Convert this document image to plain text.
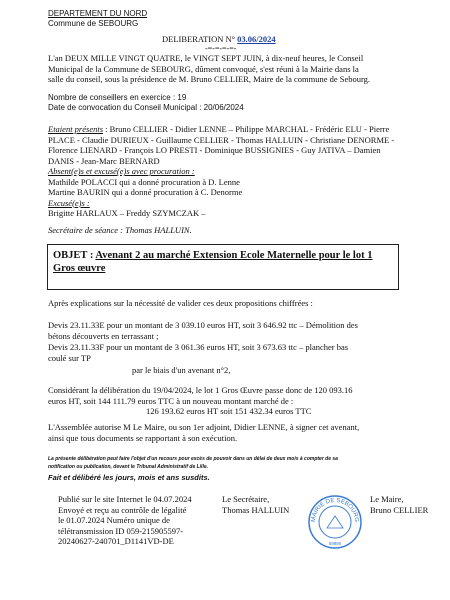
DEPARTEMENT DU NORD
Commune de SEBOURG
DELIBERATION N° 03.06/2024
-=-=-=-=-
L'an DEUX MILLE VINGT QUATRE, le VINGT SEPT JUIN, à dix-neuf heures, le Conseil
Municipal de la Commune de SEBOURG, dûment convoqué, s'est réuni à la Mairie dans la
salle du conseil, sous la présidence de M. Bruno CELLIER, Maire de la commune de Sebourg.
Nombre de conseillers en exercice : 19
Date de convocation du Conseil Municipal : 20/06/2024
Etaient présents : Bruno CELLIER - Didier LENNE – Philippe MARCHAL - Frédéric ELU - Pierre
PLACE - Claudie DURIEUX - Guillaume CELLIER - Thomas HALLUIN - Christiane DENORME -
Florence LIENARD - François LO PRESTI - Dominique BUSSIGNIES - Guy JATIVA – Damien
DANIS - Jean-Marc BERNARD
Absent(e)s et excusé(e)s avec procuration :
Mathilde POLACCI qui a donné procuration à D. Lenne
Martine BAURIN qui a donné procuration à C. Denorme
Excusé(e)s :
Brigitte HARLAUX – Freddy SZYMCZAK –
Secrétaire de séance : Thomas HALLUIN.
OBJET : Avenant 2 au marché Extension Ecole Maternelle pour le lot 1
Gros œuvre
Après explications sur la nécessité de valider ces deux propositions chiffrées :
Devis 23.11.33E pour un montant de 3 039.10 euros HT, soit 3 646.92 ttc – Démolition des
bétons découverts en terrassant ;
Devis 23.11.33F pour un montant de 3 061.36 euros HT, soit 3 673.63 ttc – plancher bas
coulé sur TP
par le biais d'un avenant n°2,
Considérant la délibération du 19/04/2024, le lot 1 Gros Œuvre passe donc de 120 093.16
euros HT, soit 144 111.79 euros TTC à un nouveau montant marché de :
126 193.62 euros HT soit 151 432.34 euros TTC
L'Assemblée autorise M Le Maire, ou son 1er adjoint, Didier LENNE, à signer cet avenant,
ainsi que tous documents se rapportant à son exécution.
La présente délibération peut faire l'objet d'un recours pour excès de pouvoir dans un délai de deux mois à compter de sa
notification ou publication, devant le Tribunal Administratif de Lille.
Fait et délibéré les jours, mois et ans susdits.
Publié sur le site Internet le 04.07.2024
Envoyé et reçu au contrôle de légalité
le 01.07.2024 Numéro unique de
télétransmission ID 059-215905597-
20240627-240701_D1141VD-DE
Le Secrétaire,
Thomas HALLUIN
MAIRIE DE SEBOURG
59990
Le Maire,
Bruno CELLIER
